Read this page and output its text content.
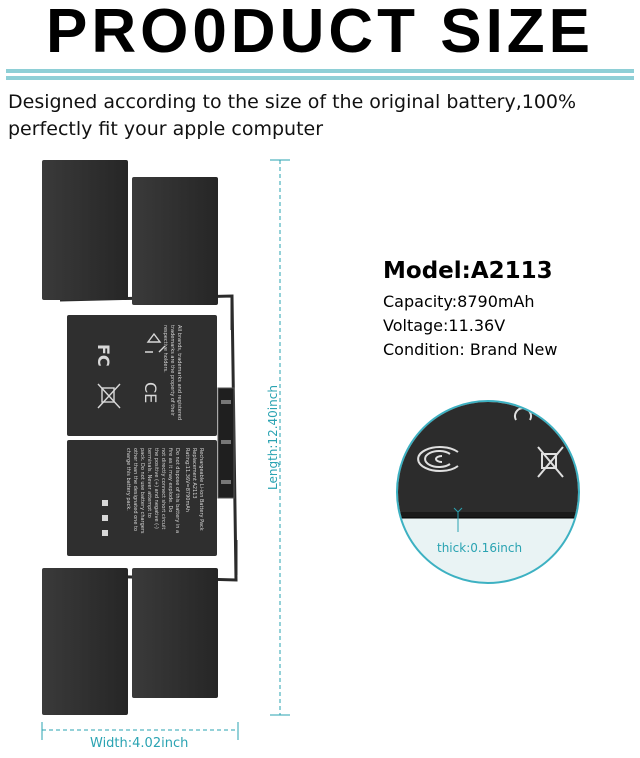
PRO0DUCT SIZE
Designed according to the size of the original battery,100% perfectly fit your apple computer
All brands, trademarks and registered
trademarks are the property of their
respective holders.
Rechargeable Li-ion Battery Pack
Replacement A2113
Rating:11.36V=8790mAh
Do not dispose of this battery in a
fire as it may explode. Do
not directly connect short circuit
the positive (+) and negative (-)
terminals. Never attempt to
pack. Do not use battery chargers
other than the designated one to
charge this battery pack.
FC
CE	Length:12.40inch
Width:4.02inch
Model:A2113
Capacity:8790mAh
Voltage:11.36V
Condition: Brand New
thick:0.16inch
